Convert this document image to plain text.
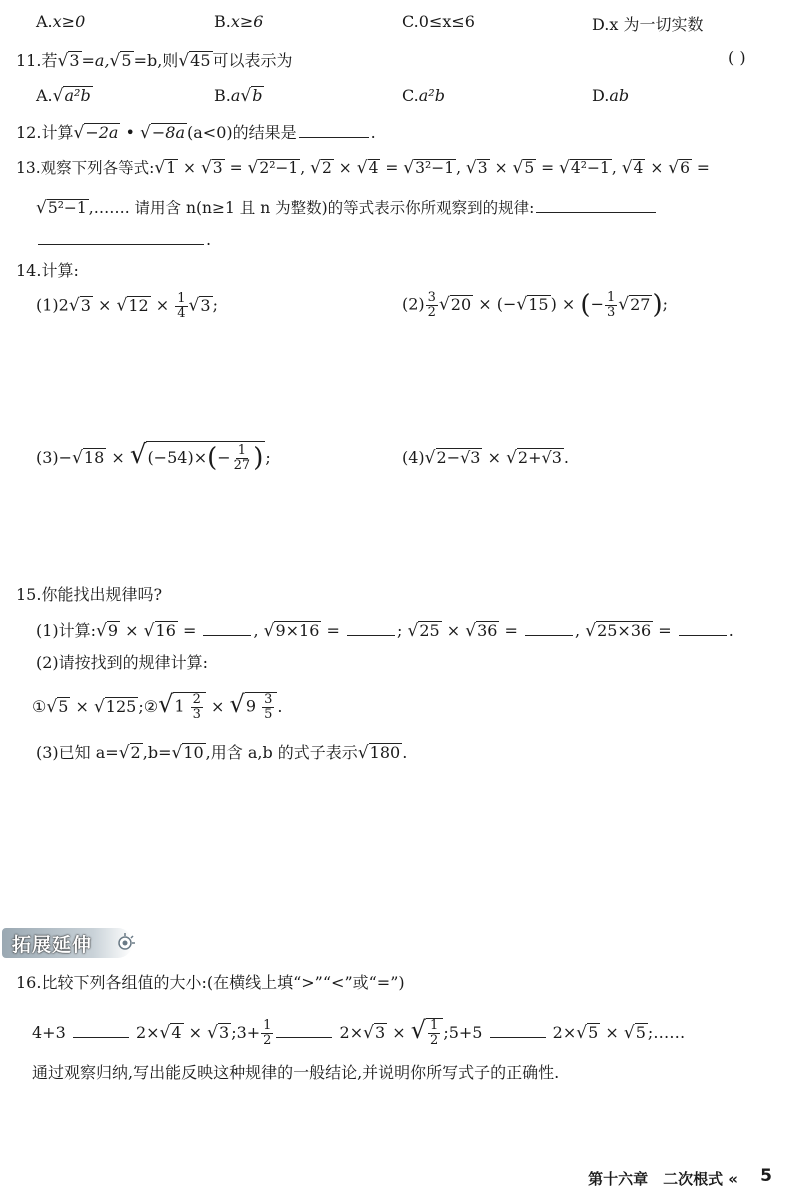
A.x≥0	B.x≥6	C.0≤x≤6	D.x 为一切实数
11.若√3 =a,√5 =b,则√45 可以表示为	( )
A.√a²b	B.a√b	C.a²b	D.ab
12.计算√−2a • √−8a (a<0)的结果是	.
13.观察下列各等式:√1 × √3 = √2²−1 , √2 × √4 = √3²−1 , √3 × √5 = √4²−1 , √4 × √6 =
√5²−1 ,……. 请用含 n(n≥1 且 n 为整数)的等式表示你所观察到的规律:
.
14.计算:
$(1)2√3 \times √12 \times \frac{1}{4} √3$ ;	$(2) \frac{3}{2} √20 \times (-√15$ ) × (− $\frac{1}{3} √27$);
$(3)-√18 \times √(-54)\times(- \frac{1}{27}$ ) ;	(4)√2−√3 × √2+√3 .
15.你能找出规律吗?
(1)计算:√9 × √16 =	, √9×16 =	; √25 × √36 =	, √25×36 =	.
(2)请按找到的规律计算:
①√5 × √125 ;②√1 $\frac{2}{3} \times √9 \frac{3}{5}$ .
(3)已知 a=√2 ,b=√10 ,用含 a,b 的式子表示√180 .
拓展延伸
16.比较下列各组值的大小:(在横线上填“>”“<”或“=”)
4+3	2×√4 × √3 ;3+ $\frac{1}{2}$	2×√3 × √ $\frac{1}{2}$ ;5+5	2×√5 × √5 ;……
通过观察归纳,写出能反映这种规律的一般结论,并说明你所写式子的正确性.
第十六章　二次根式 « 5
